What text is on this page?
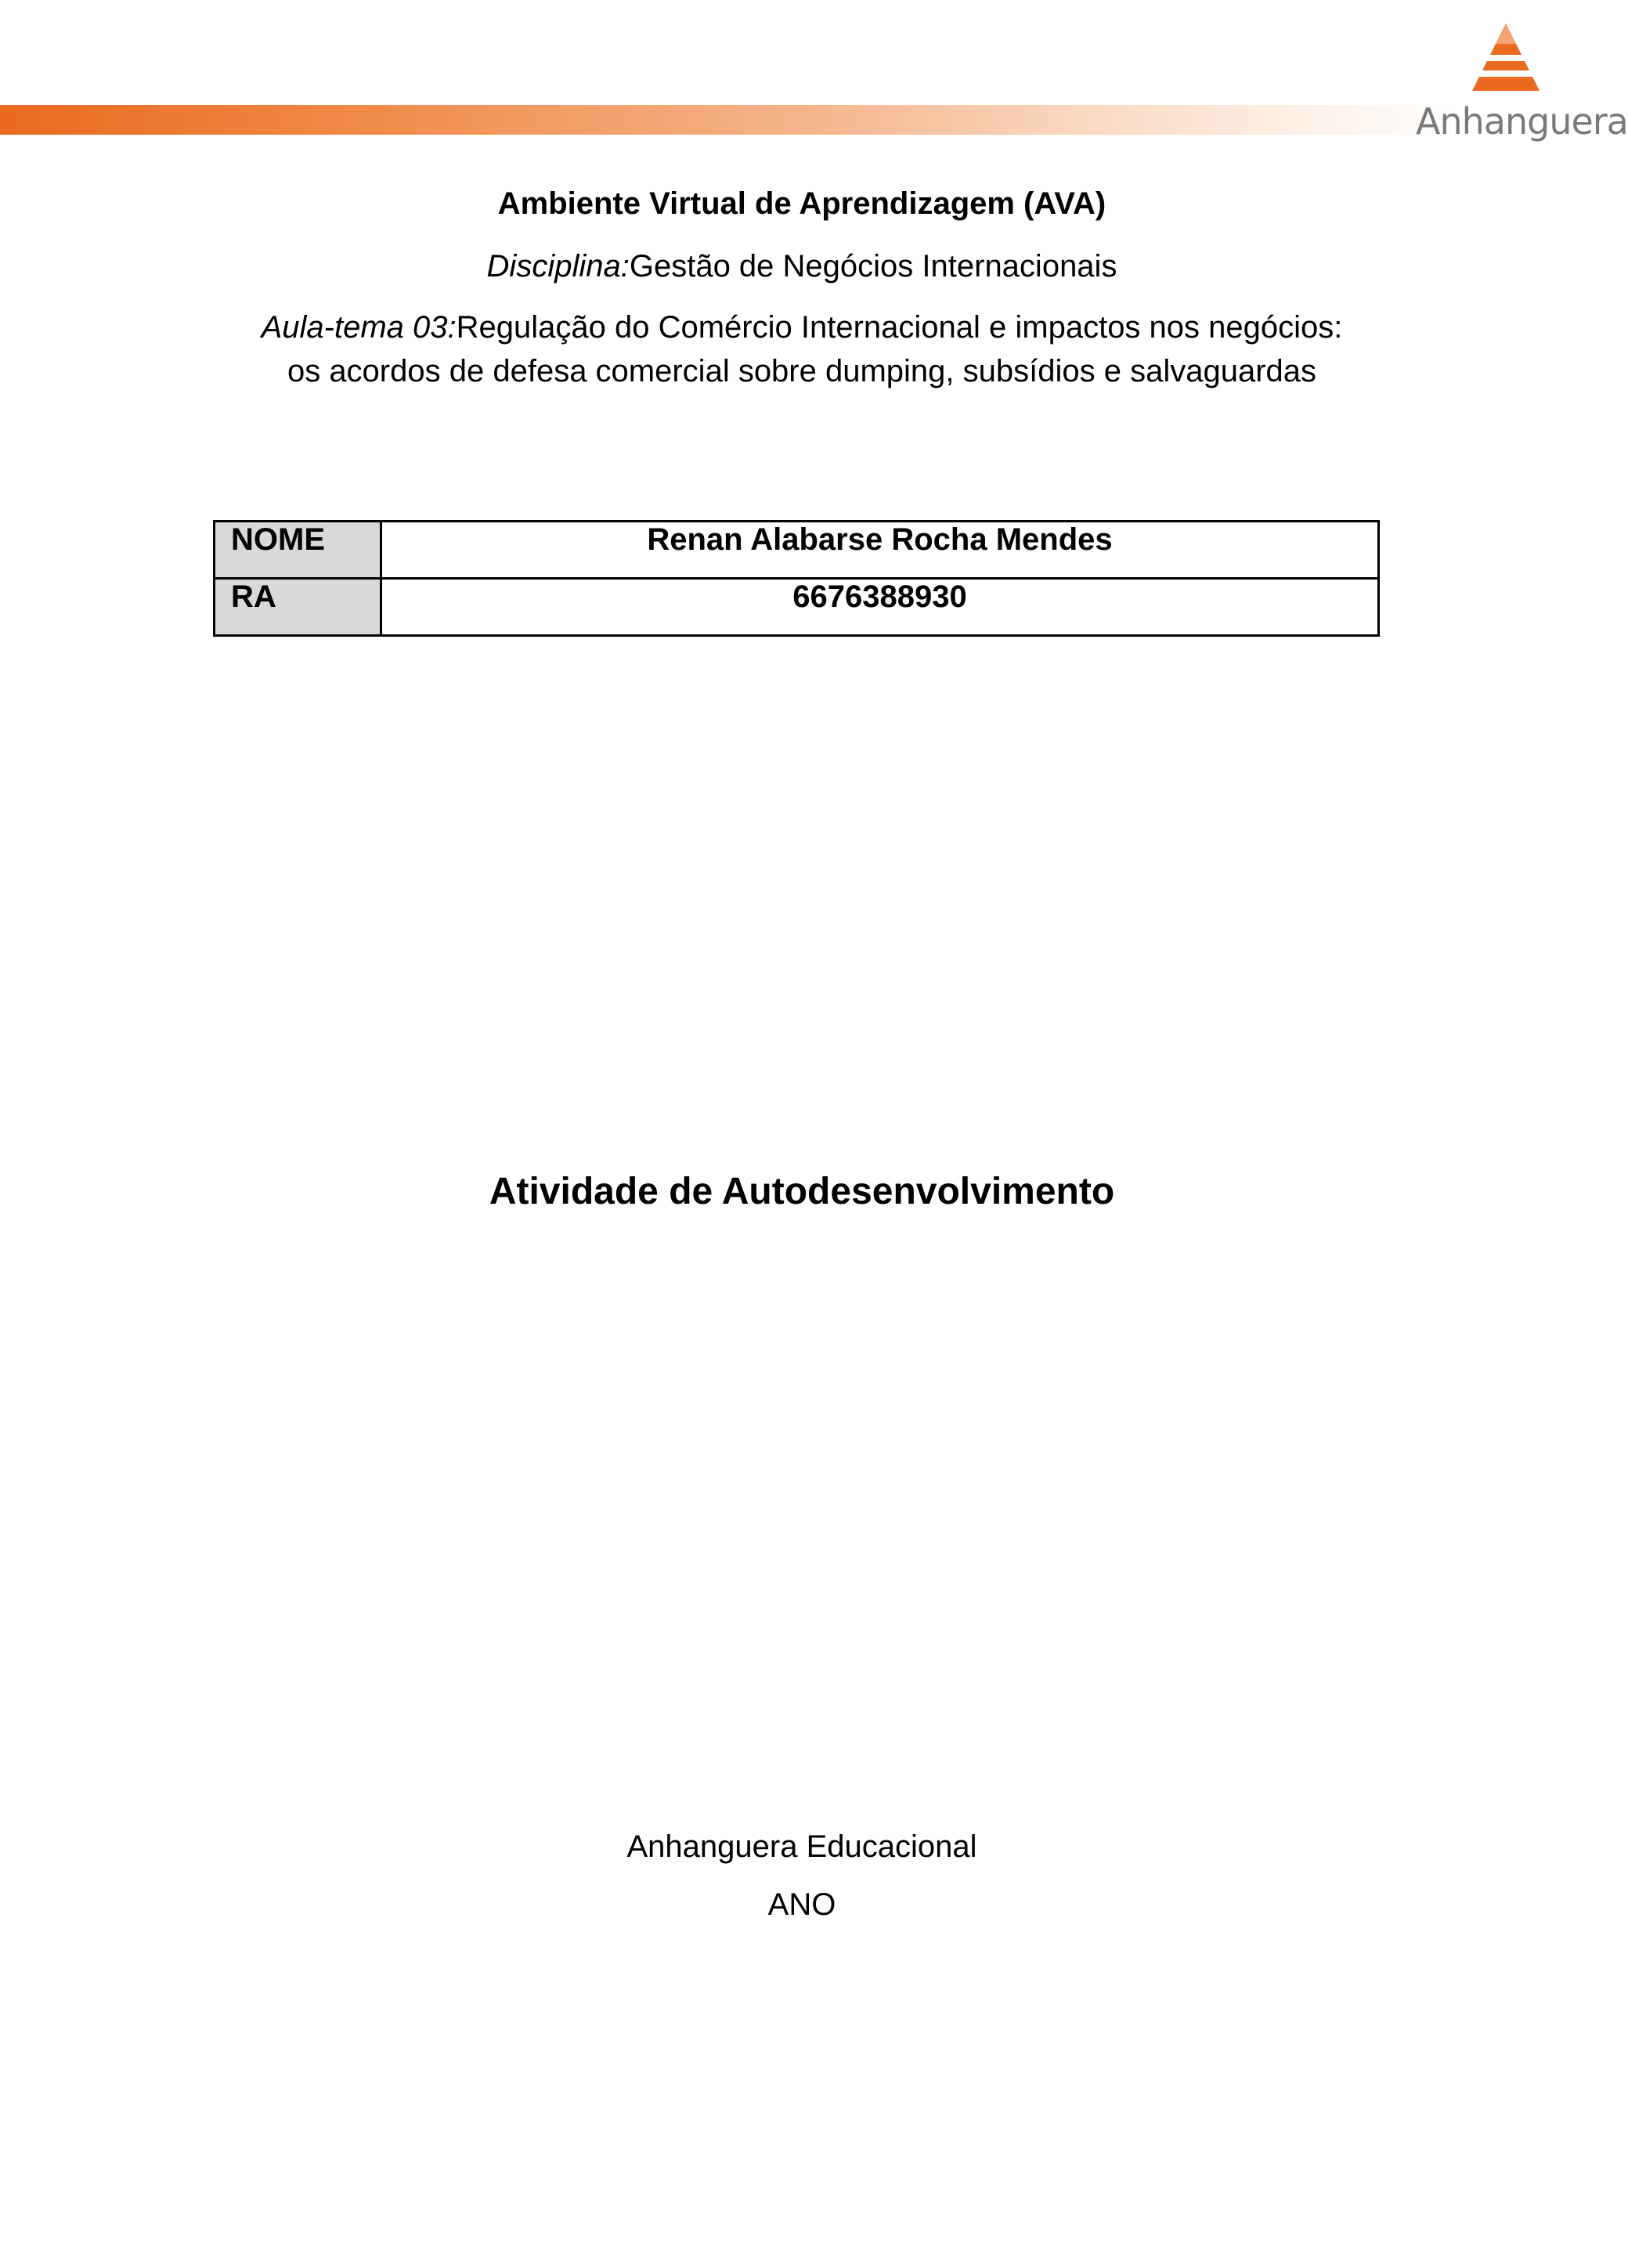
Anhanguera
Ambiente Virtual de Aprendizagem (AVA)
Disciplina:Gestão de Negócios Internacionais
Aula-tema 03:Regulação do Comércio Internacional e impactos nos negócios:
os acordos de defesa comercial sobre dumping, subsídios e salvaguardas
NOME	Renan Alabarse Rocha Mendes
RA	6676388930
Atividade de Autodesenvolvimento
Anhanguera Educacional
ANO
